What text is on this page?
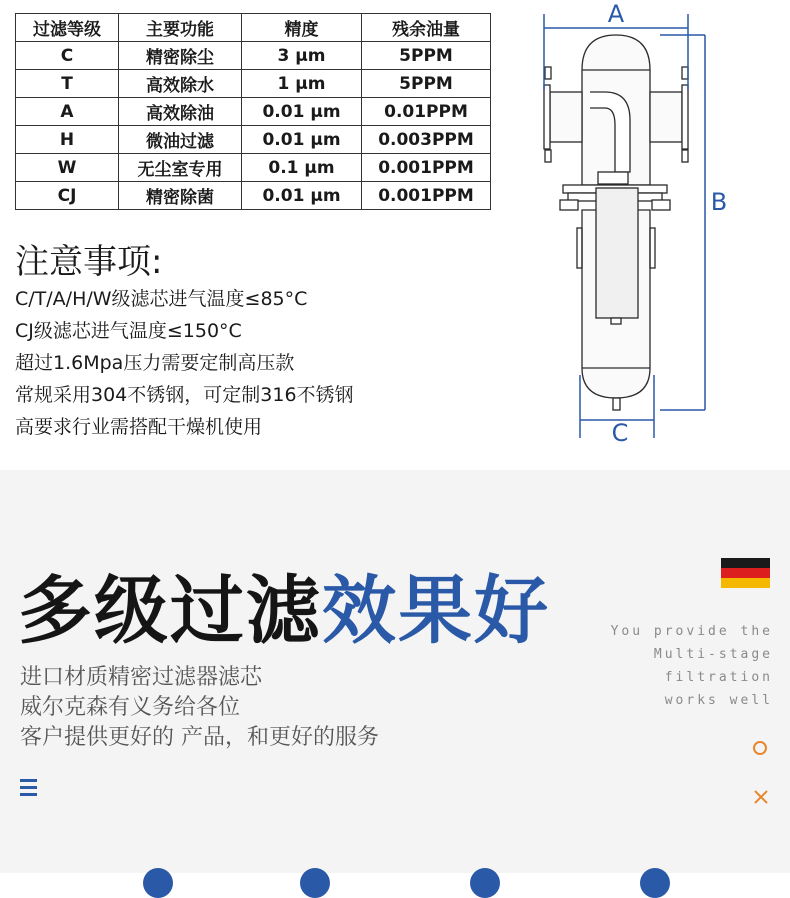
过滤等级	主要功能	精度	残余油量
C	精密除尘	3 μm	5PPM
T	高效除水	1 μm	5PPM
A	高效除油	0.01 μm	0.01PPM
H	微油过滤	0.01 μm	0.003PPM
W	无尘室专用	0.1 μm	0.001PPM
CJ	精密除菌	0.01 μm	0.001PPM
注意事项:
C/T/A/H/W级滤芯进气温度≤85°C
CJ级滤芯进气温度≤150°C
超过1.6Mpa压力需要定制高压款
常规采用304不锈钢，可定制316不锈钢
高要求行业需搭配干燥机使用
A
B
C
多级过滤效果好
进口材质精密过滤器滤芯
威尔克森有义务给各位
客户提供更好的 产品，和更好的服务
You provide the
Multi-stage
filtration
works well
